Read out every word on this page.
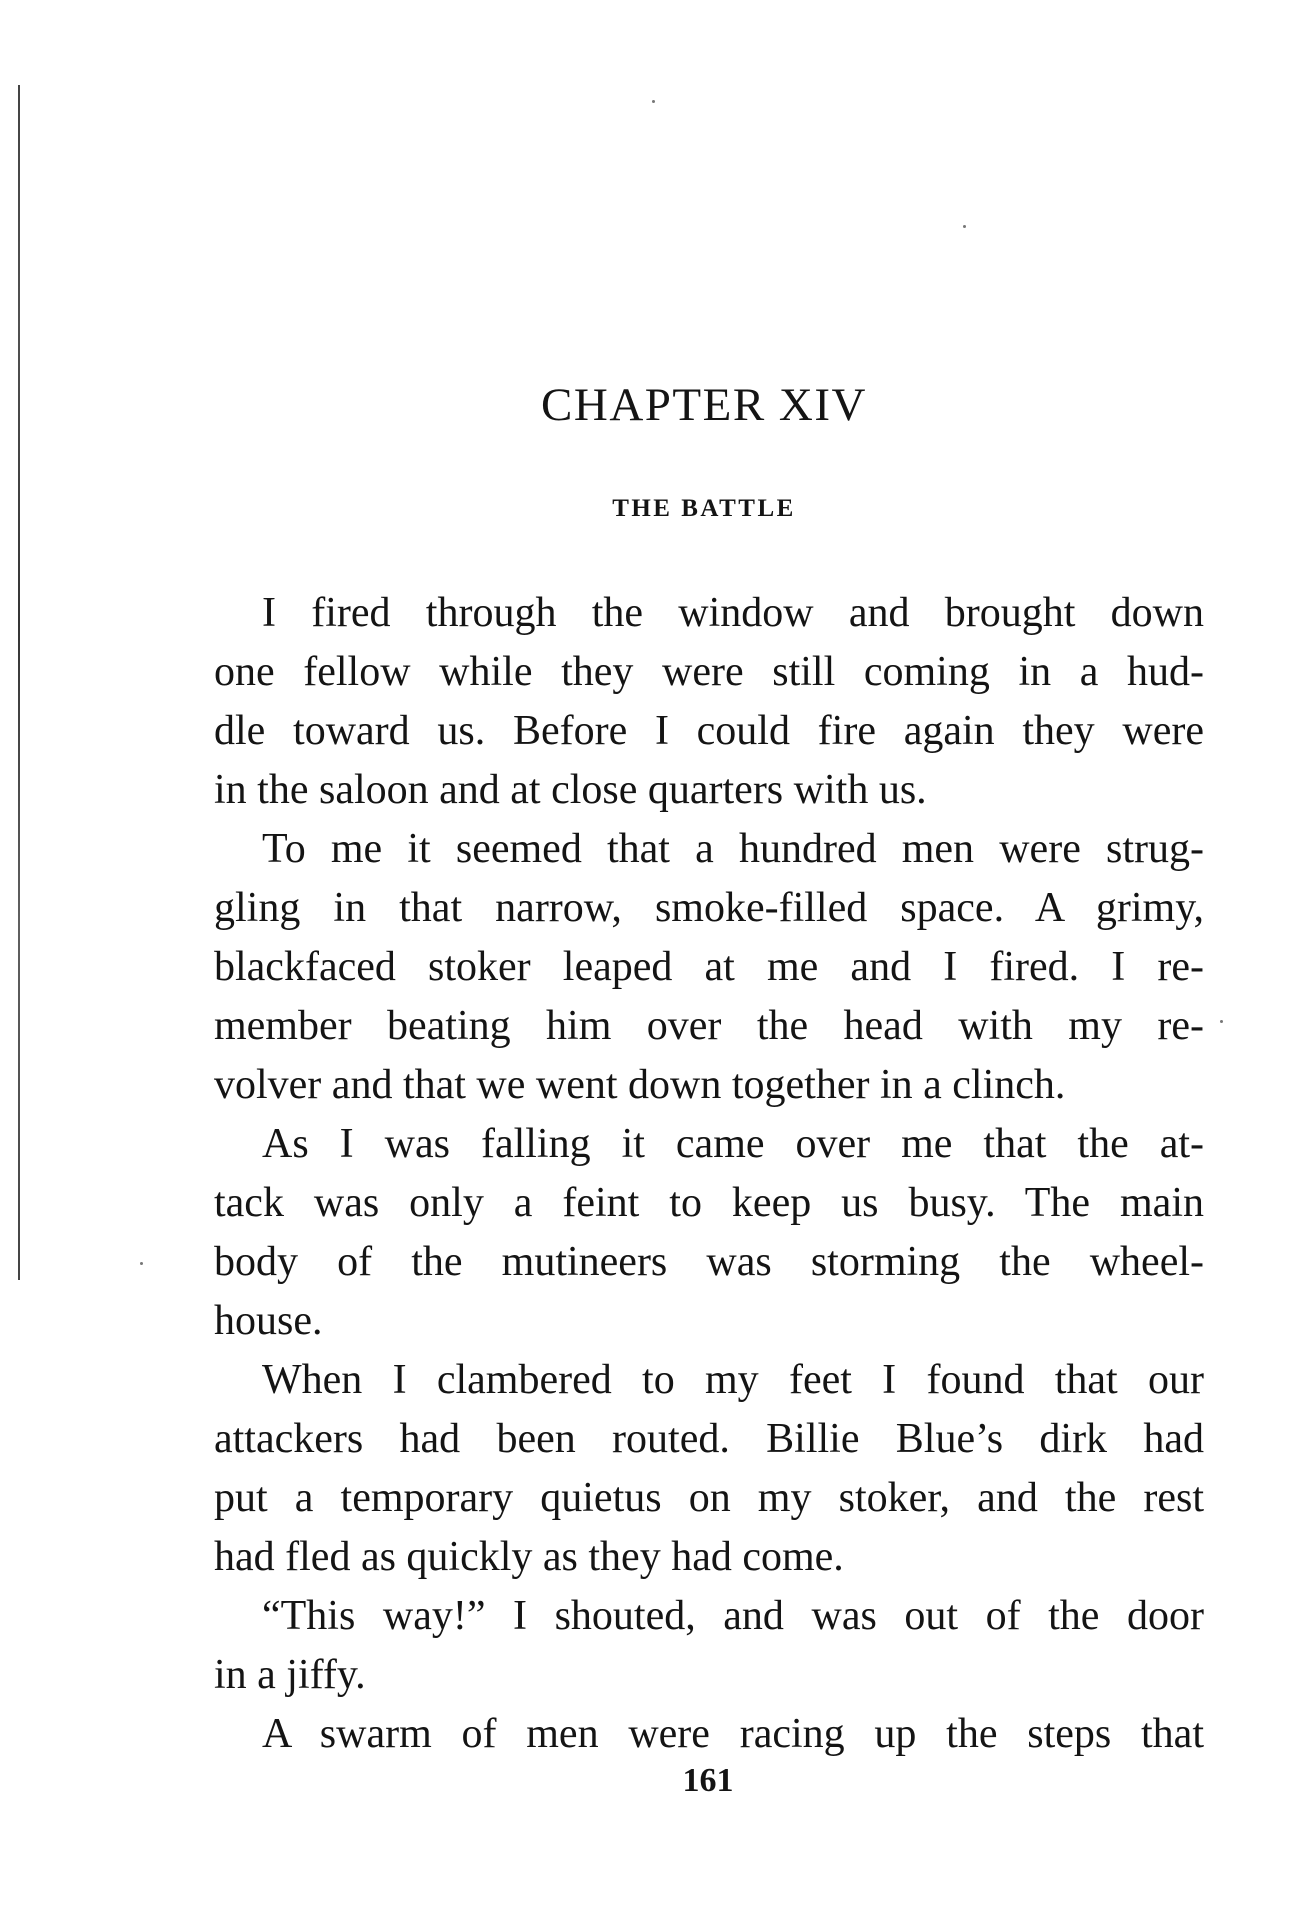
CHAPTER XIV
THE BATTLE
I fired through the window and brought down
one fellow while they were still coming in a hud-
dle toward us. Before I could fire again they were
in the saloon and at close quarters with us.
To me it seemed that a hundred men were strug-
gling in that narrow, smoke-filled space. A grimy,
blackfaced stoker leaped at me and I fired. I re-
member beating him over the head with my re-
volver and that we went down together in a clinch.
As I was falling it came over me that the at-
tack was only a feint to keep us busy. The main
body of the mutineers was storming the wheel-
house.
When I clambered to my feet I found that our
attackers had been routed. Billie Blue’s dirk had
put a temporary quietus on my stoker, and the rest
had fled as quickly as they had come.
“This way!” I shouted, and was out of the door
in a jiffy.
A swarm of men were racing up the steps that
161
